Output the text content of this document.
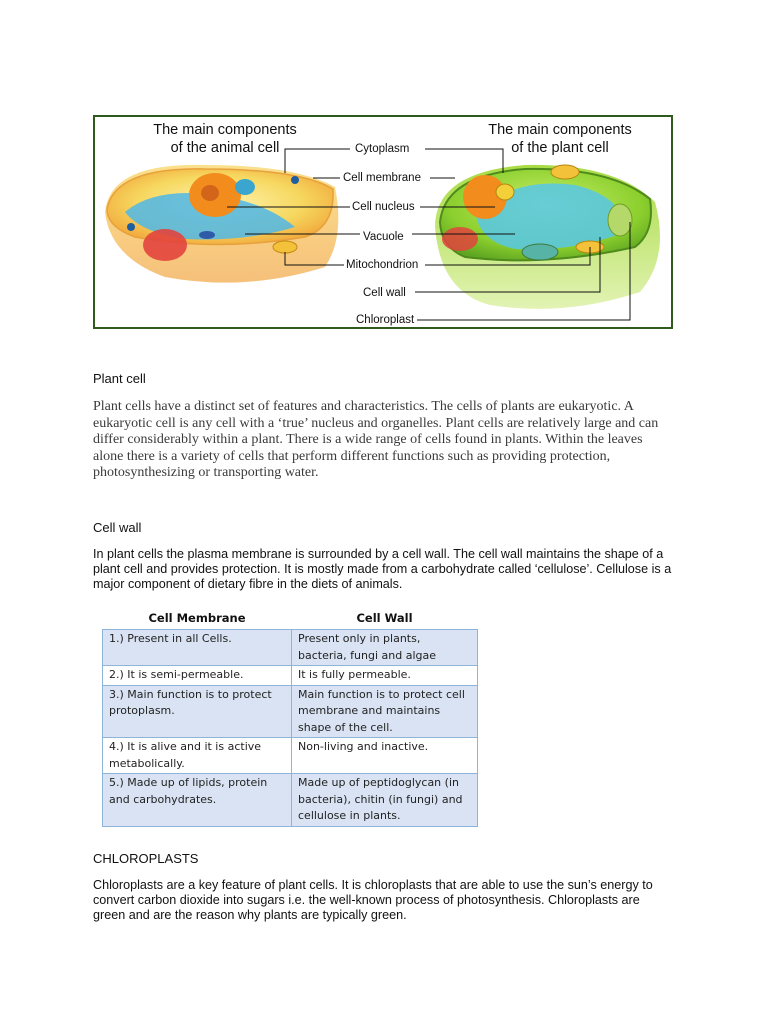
The main components
of the animal cell
The main components
of the plant cell
Cytoplasm
Cell membrane
Cell nucleus
Vacuole
Mitochondrion
Cell wall
Chloroplast
Plant cell

Plant cells have a distinct set of features and characteristics. The cells of plants are eukaryotic. A eukaryotic cell is any cell with a ‘true’ nucleus and organelles. Plant cells are relatively large and can differ considerably within a plant. There is a wide range of cells found in plants. Within the leaves alone there is a variety of cells that perform different functions such as providing protection, photosynthesizing or transporting water.

Cell wall

In plant cells the plasma membrane is surrounded by a cell wall. The cell wall maintains the shape of a plant cell and provides protection. It is mostly made from a carbohydrate called ‘cellulose’. Cellulose is a major component of dietary fibre in the diets of animals.

Cell Membrane	Cell Wall
1.) Present in all Cells.	Present only in plants, bacteria, fungi and algae
2.) It is semi-permeable.	It is fully permeable.
3.) Main function is to protect protoplasm.	Main function is to protect cell membrane and maintains shape of the cell.
4.) It is alive and it is active metabolically.	Non-living and inactive.
5.) Made up of lipids, protein and carbohydrates.	Made up of peptidoglycan (in bacteria), chitin (in fungi) and cellulose in plants.
CHLOROPLASTS

Chloroplasts are a key feature of plant cells. It is chloroplasts that are able to use the sun’s energy to convert carbon dioxide into sugars i.e. the well-known process of photosynthesis. Chloroplasts are green and are the reason why plants are typically green.
